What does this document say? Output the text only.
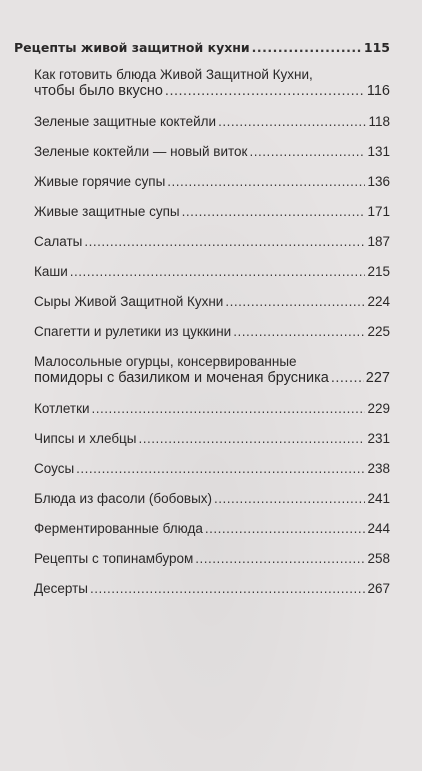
Рецепты живой защитной кухни .....	115
Как готовить блюда Живой Защитной Кухни,
чтобы было вкусно .....	116
Зеленые защитные коктейли .....	118
Зеленые коктейли — новый виток .....	131
Живые горячие супы .....	136
Живые защитные супы .....	171
Салаты .....	187
Каши .....	215
Сыры Живой Защитной Кухни .....	224
Спагетти и рулетики из цуккини .....	225
Малосольные огурцы, консервированные
помидоры с базиликом и моченая брусника .....	227
Котлетки .....	229
Чипсы и хлебцы .....	231
Соусы .....	238
Блюда из фасоли (бобовых) .....	241
Ферментированные блюда .....	244
Рецепты с топинамбуром .....	258
Десерты .....	267
